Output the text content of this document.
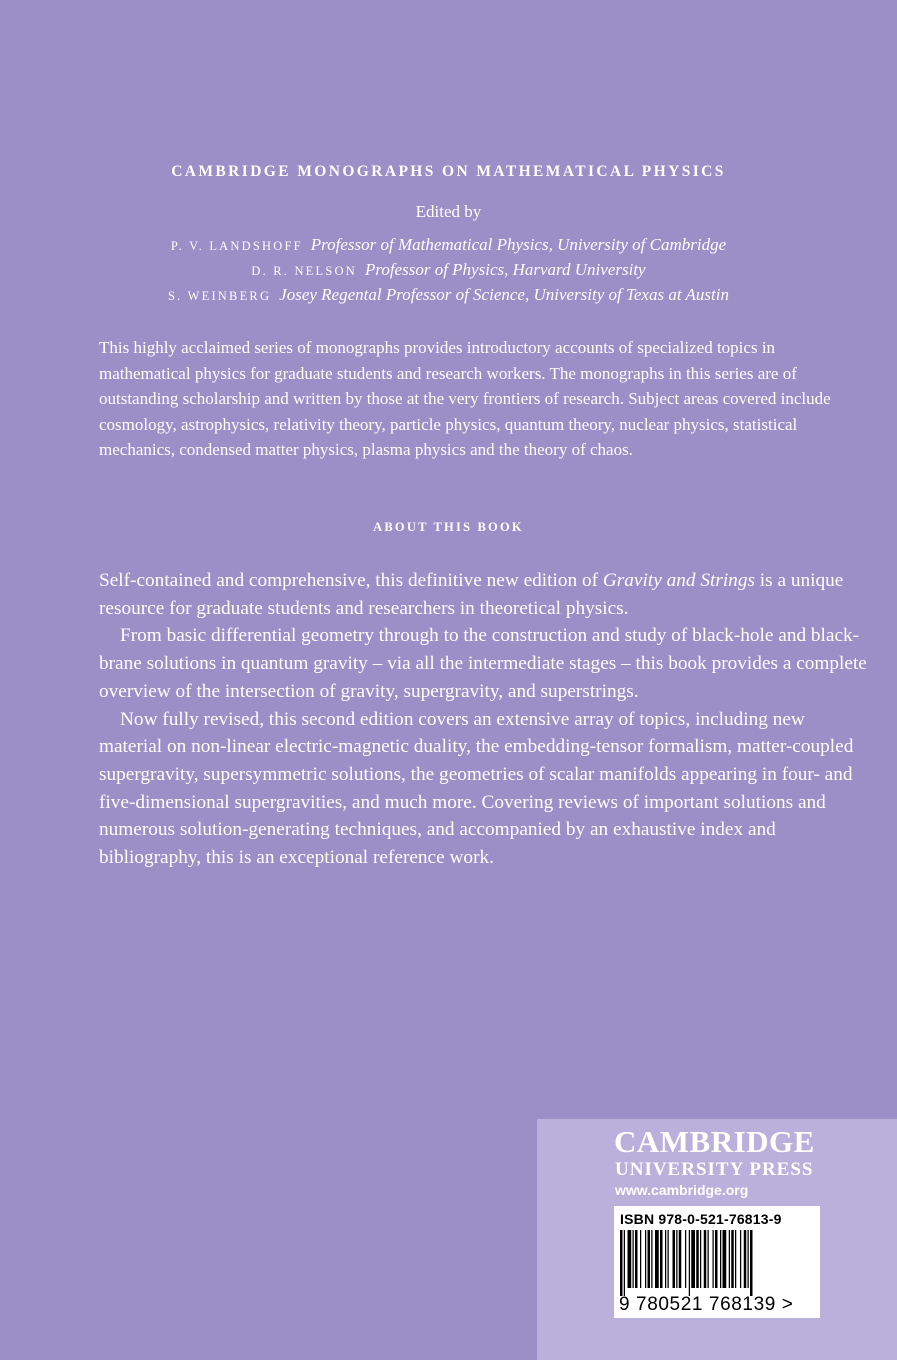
CAMBRIDGE MONOGRAPHS ON MATHEMATICAL PHYSICS
Edited by
P. V. LANDSHOFF Professor of Mathematical Physics, University of Cambridge
D. R. NELSON Professor of Physics, Harvard University
S. WEINBERG Josey Regental Professor of Science, University of Texas at Austin

This highly acclaimed series of monographs provides introductory accounts of specialized topics in mathematical physics for graduate students and research workers. The monographs in this series are of outstanding scholarship and written by those at the very frontiers of research. Subject areas covered include cosmology, astrophysics, relativity theory, particle physics, quantum theory, nuclear physics, statistical mechanics, condensed matter physics, plasma physics and the theory of chaos.

ABOUT THIS BOOK

Self-contained and comprehensive, this definitive new edition of Gravity and Strings is a unique resource for graduate students and researchers in theoretical physics.

From basic differential geometry through to the construction and study of black-hole and black-brane solutions in quantum gravity – via all the intermediate stages – this book provides a complete overview of the intersection of gravity, supergravity, and superstrings.

Now fully revised, this second edition covers an extensive array of topics, including new material on non-linear electric-magnetic duality, the embedding-tensor formalism, matter-coupled supergravity, supersymmetric solutions, the geometries of scalar manifolds appearing in four- and five-dimensional supergravities, and much more. Covering reviews of important solutions and numerous solution-generating techniques, and accompanied by an exhaustive index and bibliography, this is an exceptional reference work.

CAMBRIDGE
UNIVERSITY PRESS
www.cambridge.org
ISBN 978-0-521-76813-9
9 780521 768139 >
